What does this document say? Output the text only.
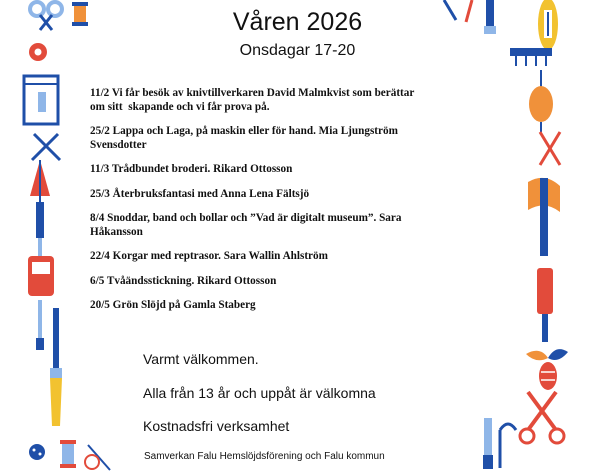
Våren 2026
Onsdagar 17-20
11/2 Vi får besök av knivtillverkaren David Malmkvist som berättar
om sitt  skapande och vi får prova på.
25/2 Lappa och Laga, på maskin eller för hand. Mia Ljungström
Svensdotter
11/3 Trådbundet broderi. Rikard Ottosson
25/3 Återbruksfantasi med Anna Lena Fältsjö
8/4 Snoddar, band och bollar och ”Vad är digitalt museum”. Sara
Håkansson
22/4 Korgar med reptrasor. Sara Wallin Ahlström
6/5 Tvåändsstickning. Rikard Ottosson
20/5 Grön Slöjd på Gamla Staberg
Varmt välkommen.
Alla från 13 år och uppåt är välkomna
Kostnadsfri verksamhet
Samverkan Falu Hemslöjdsförening och Falu kommun
